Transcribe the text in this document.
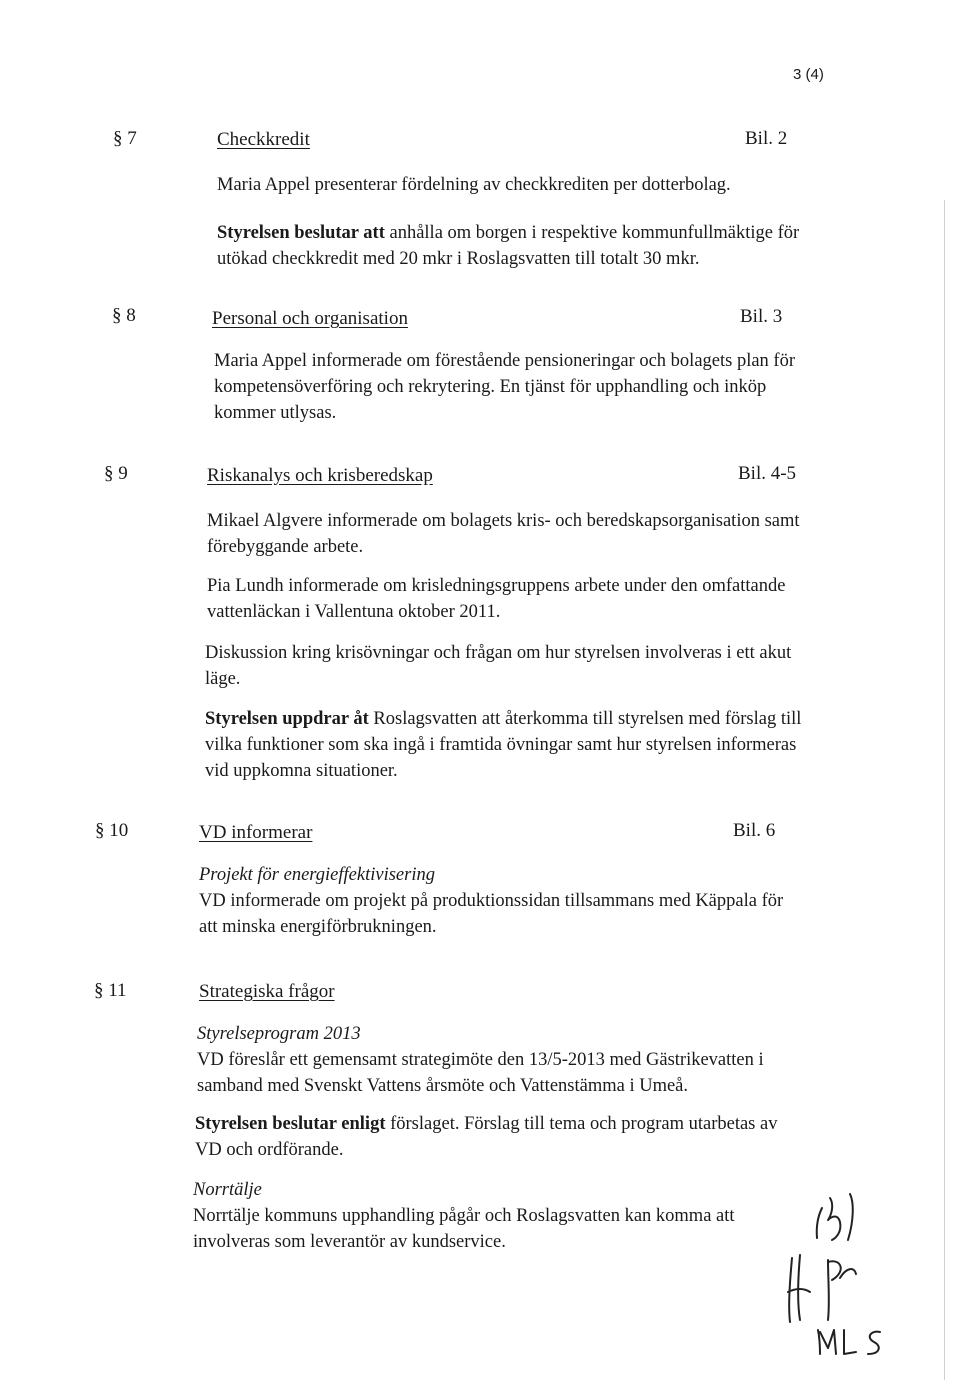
3 (4)
§ 7	Checkkredit	Bil. 2
Maria Appel presenterar fördelning av checkkrediten per dotterbolag.
Styrelsen beslutar att anhålla om borgen i respektive kommunfullmäktige för
utökad checkkredit med 20 mkr i Roslagsvatten till totalt 30 mkr.
§ 8	Personal och organisation	Bil. 3
Maria Appel informerade om förestående pensioneringar och bolagets plan för
kompetensöverföring och rekrytering. En tjänst för upphandling och inköp
kommer utlysas.
§ 9	Riskanalys och krisberedskap	Bil. 4-5
Mikael Algvere informerade om bolagets kris- och beredskapsorganisation samt
förebyggande arbete.
Pia Lundh informerade om krisledningsgruppens arbete under den omfattande
vattenläckan i Vallentuna oktober 2011.
Diskussion kring krisövningar och frågan om hur styrelsen involveras i ett akut
läge.
Styrelsen uppdrar åt Roslagsvatten att återkomma till styrelsen med förslag till
vilka funktioner som ska ingå i framtida övningar samt hur styrelsen informeras
vid uppkomna situationer.
§ 10	VD informerar	Bil. 6
Projekt för energieffektivisering
VD informerade om projekt på produktionssidan tillsammans med Käppala för
att minska energiförbrukningen.
§ 11	Strategiska frågor
Styrelseprogram 2013
VD föreslår ett gemensamt strategimöte den 13/5-2013 med Gästrikevatten i
samband med Svenskt Vattens årsmöte och Vattenstämma i Umeå.
Styrelsen beslutar enligt förslaget. Förslag till tema och program utarbetas av
VD och ordförande.
Norrtälje
Norrtälje kommuns upphandling pågår och Roslagsvatten kan komma att
involveras som leverantör av kundservice.
